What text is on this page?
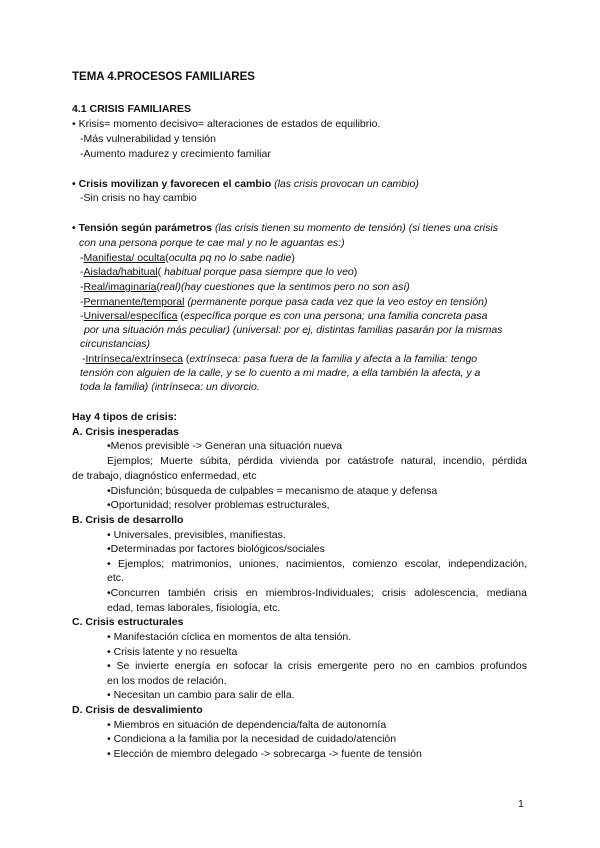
TEMA 4.PROCESOS FAMILIARES
4.1 CRISIS FAMILIARES
• Krisis= momento decisivo= alteraciones de estados de equilibrio.
-Más vulnerabilidad y tensión
-Aumento madurez y crecimiento familiar
• Crisis movilizan y favorecen el cambio (las crisis provocan un cambio)
-Sin crisis no hay cambio
• Tensión según parámetros (las crisis tienen su momento de tensión) (si tienes una crisis
con una persona porque te cae mal y no le aguantas es:)
-Manifiesta/ oculta(oculta pq no lo sabe nadie)
-Aislada/habitual( habitual porque pasa siempre que lo veo)
-Real/imaginaria(real)(hay cuestiones que la sentimos pero no son así)
-Permanente/temporal (permanente porque pasa cada vez que la veo estoy en tensión)
-Universal/específica (específica porque es con una persona; una familia concreta pasa
por una situación más peculiar) (universal: por ej, distintas familias pasarán por la mismas
circunstancias)
-Intrínseca/extrínseca (extrínseca: pasa fuera de la familia y afecta a la familia: tengo
tensión con alguien de la calle, y se lo cuento a mi madre, a ella también la afecta, y a
toda la familia) (intrínseca: un divorcio.
Hay 4 tipos de crisis:
A. Crisis inesperadas
•Menos previsible -> Generan una situación nueva
Ejemplos; Muerte súbita, pérdida vivienda por catástrofe natural, incendio, pérdida
de trabajo, diagnóstico enfermedad, etc
•Disfunción; búsqueda de culpables = mecanismo de ataque y defensa
•Oportunidad; resolver problemas estructurales,
B. Crisis de desarrollo
• Universales, previsibles, manifiestas.
•Determinadas por factores biológicos/sociales
• Ejemplos; matrimonios, uniones, nacimientos, comienzo escolar, independización,
etc.
•Concurren también crisis en miembros-Individuales; crisis adolescencia, mediana
edad, temas laborales, fisiología, etc.
C. Crisis estructurales
• Manifestación cíclica en momentos de alta tensión.
• Crisis latente y no resuelta
• Se invierte energía en sofocar la crisis emergente pero no en cambios profundos
en los modos de relación.
• Necesitan un cambio para salir de ella.
D. Crisis de desvalimiento
• Miembros en situación de dependencia/falta de autonomía
• Condiciona a la familia por la necesidad de cuidado/atención
• Elección de miembro delegado -> sobrecarga -> fuente de tensión
1
